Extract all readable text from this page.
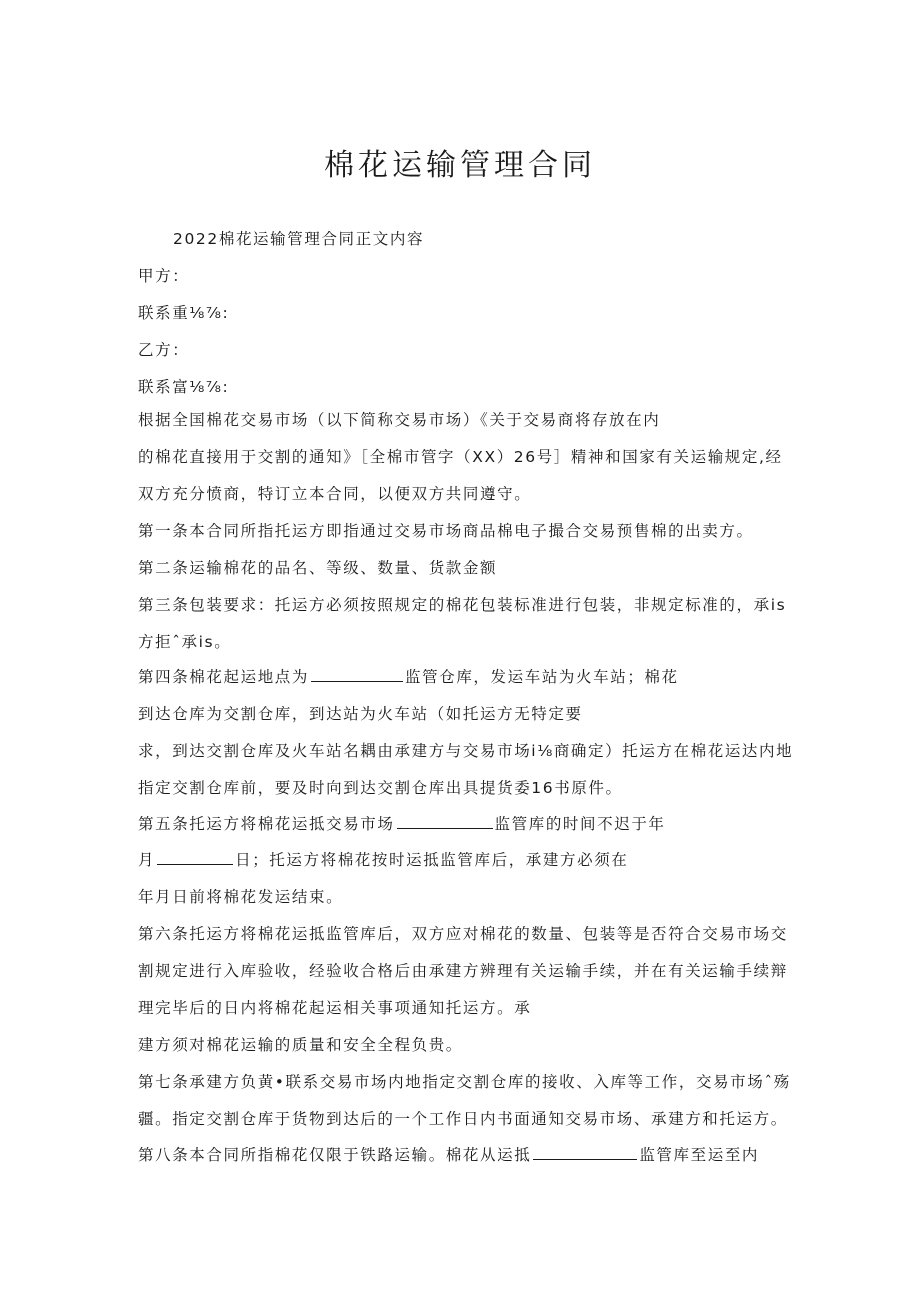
棉花运输管理合同
2022棉花运输管理合同正文内容
甲方：
联系重⅛⅞:
乙方：
联系富⅛⅞:
根据全国棉花交易市场（以下简称交易市场）《关于交易商将存放在内
的棉花直接用于交割的通知》［全棉市管字（XX）26号］精神和国家有关运输规定,经
双方充分愤商，特订立本合同，以便双方共同遵守。
第一条本合同所指托运方即指通过交易市场商品棉电子撮合交易预售棉的出卖方。
第二条运输棉花的品名、等级、数量、货款金额
第三条包装要求：托运方必须按照规定的棉花包装标准进行包装，非规定标准的，承is
方拒ˆ承is。
第四条棉花起运地点为	监管仓库，发运车站为火车站；棉花
到达仓库为交割仓库，到达站为火车站（如托运方无特定要
求，到达交割仓库及火车站名耦由承建方与交易市场i⅛商确定）托运方在棉花运达内地
指定交割仓库前，要及时向到达交割仓库出具提货委16书原件。
第五条托运方将棉花运抵交易市场	监管库的时间不迟于年
月	日；托运方将棉花按时运抵监管库后，承建方必须在
年月日前将棉花发运结束。
第六条托运方将棉花运抵监管库后，双方应对棉花的数量、包装等是否符合交易市场交
割规定进行入库验收，经验收合格后由承建方辨理有关运输手续，并在有关运输手续辩
理完毕后的日内将棉花起运相关事项通知托运方。承
建方须对棉花运输的质量和安全全程负贵。
第七条承建方负黄•联系交易市场内地指定交割仓库的接收、入库等工作，交易市场ˆ殇
疆。指定交割仓库于货物到达后的一个工作日内书面通知交易市场、承建方和托运方。
第八条本合同所指棉花仅限于铁路运输。棉花从运抵	监管库至运至内
